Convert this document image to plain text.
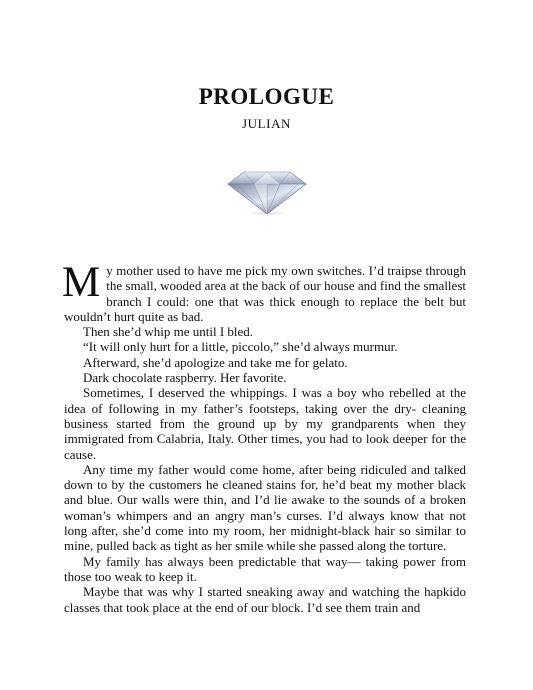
PROLOGUE
JULIAN

My mother used to have me pick my own switches. I’d traipse through the small, wooded area at the back of our house and find the smallest branch I could: one that was thick enough to replace the belt but wouldn’t hurt quite as bad.

Then she’d whip me until I bled.

“It will only hurt for a little, piccolo,” she’d always murmur.

Afterward, she’d apologize and take me for gelato.

Dark chocolate raspberry. Her favorite.

Sometimes, I deserved the whippings. I was a boy who rebelled at the idea of following in my father’s footsteps, taking over the dry- cleaning business started from the ground up by my grandparents when they immigrated from Calabria, Italy. Other times, you had to look deeper for the cause.

Any time my father would come home, after being ridiculed and talked down to by the customers he cleaned stains for, he’d beat my mother black and blue. Our walls were thin, and I’d lie awake to the sounds of a broken woman’s whimpers and an angry man’s curses. I’d always know that not long after, she’d come into my room, her midnight-black hair so similar to mine, pulled back as tight as her smile while she passed along the torture.

My family has always been predictable that way— taking power from those too weak to keep it.

Maybe that was why I started sneaking away and watching the hapkido classes that took place at the end of our block. I’d see them train and
